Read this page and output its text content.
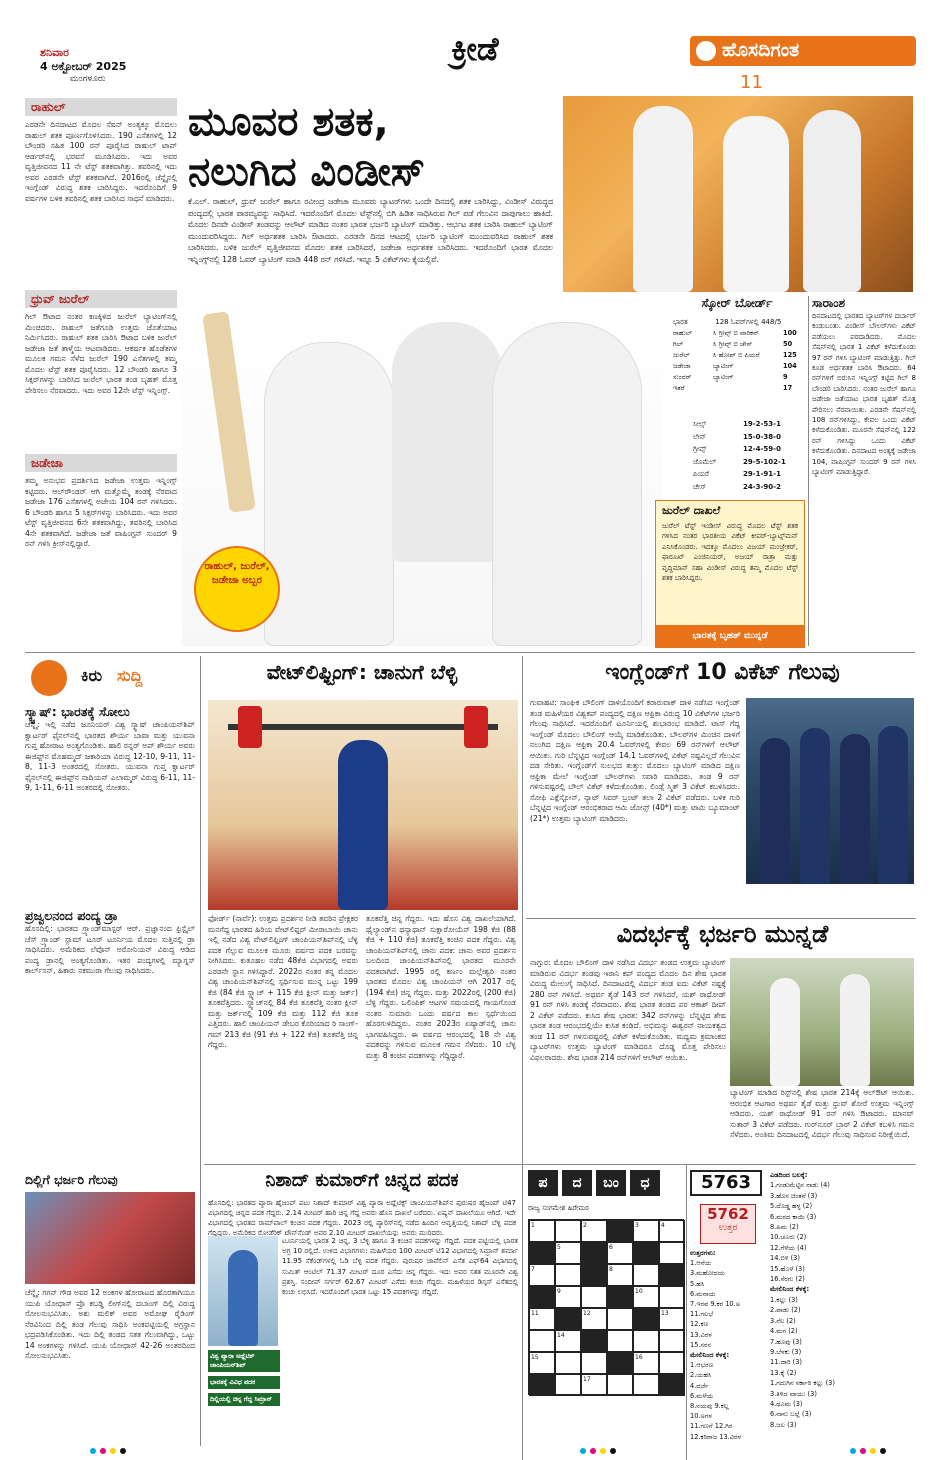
ಶನಿವಾರ
4 ಅಕ್ಟೋಬರ್ 2025
ಮಂಗಳೂರು
ಕ್ರೀಡೆ	ಹೊಸದಿಗಂತ
11
ರಾಹುಲ್
ಎರಡನೇ ದಿನದಾಟದ ಮೊದಲ ಸೆಷನ್ ಅಂತ್ಯಕ್ಕೂ ಮೊದಲು ರಾಹುಲ್ ಶತಕ ಪೂರ್ಣಗೊಳಿಸಿದರು. 190 ಎಸೆತಗಳಲ್ಲಿ 12 ಬೌಂಡರಿ ಸಹಿತ 100 ರನ್ ಪೂರೈಸಿದ ರಾಹುಲ್ ಟಾಪ್ ಆರ್ಡರ್‌ನಲ್ಲಿ ಭರವಸೆ ಮೂಡಿಸಿದರು. ಇದು ಅವರ ವೃತ್ತಿಜೀವನದ 11 ನೇ ಟೆಸ್ಟ್ ಶತಕವಾಗಿತ್ತು. ತವರಿನಲ್ಲಿ ಇದು ಅವರ ಎರಡನೇ ಟೆಸ್ಟ್ ಶತಕವಾಗಿದೆ. 2016ರಲ್ಲಿ ಚೆನ್ನೈನಲ್ಲಿ ಇಂಗ್ಲೆಂಡ್ ವಿರುದ್ಧ ಶತಕ ಬಾರಿಸಿದ್ದರು. ಇದರೊಂದಿಗೆ 9 ವರ್ಷಗಳ ಬಳಿಕ ತವರಿನಲ್ಲಿ ಶತಕ ಬಾರಿಸಿದ ಸಾಧನೆ ಮಾಡಿದರು.
ಧ್ರುವ್ ಜುರೆಲ್
ಗಿಲ್ ಔಟಾದ ನಂತರ ಕಣಕ್ಕಿಳಿದ ಜುರೆಲ್ ಬ್ಯಾಟಿಂಗ್‌ನಲ್ಲಿ ಮಿಂಚಿದರು. ರಾಹುಲ್ ಜತೆಗೂಡಿ ಉತ್ತಮ ಜೊತೆಯಾಟ ನಿರ್ಮಿಸಿದರು. ರಾಹುಲ್ ಶತಕ ಬಾರಿಸಿ ಔಟಾದ ಬಳಿಕ ಜುರೆಲ್ ಜಡೇಜಾ ಜತೆ ತಾಳ್ಮೆಯ ಆಟವಾಡಿದರು. ಆಕರ್ಷಕ ಹೊಡೆತಗಳ ಮೂಲಕ ಗಮನ ಸೆಳೆದ ಜುರೆಲ್ 190 ಎಸೆತಗಳಲ್ಲಿ ತಮ್ಮ ಮೊದಲ ಟೆಸ್ಟ್ ಶತಕ ಪೂರೈಸಿದರು. 12 ಬೌಂಡರಿ ಹಾಗೂ 3 ಸಿಕ್ಸರ್‌ಗಳನ್ನು ಬಾರಿಸಿದ ಜುರೆಲ್ ಭಾರತ ತಂಡ ಬೃಹತ್ ಮೊತ್ತ ಪೇರಿಸಲು ನೆರವಾದರು. ಇದು ಅವರ 12ನೇ ಟೆಸ್ಟ್ ಇನ್ನಿಂಗ್ಸ್.
ಜಡೇಜಾ
ತಮ್ಮ ಅನುಭವ ಪ್ರದರ್ಶಿಸಿದ ಜಡೇಜಾ ಉತ್ತಮ ಇನ್ನಿಂಗ್ಸ್ ಕಟ್ಟಿದರು. ಆಲ್‌ರೌಂಡರ್ ಆಗಿ ಮತ್ತೊಮ್ಮೆ ತಂಡಕ್ಕೆ ನೆರವಾದ ಜಡೇಜಾ 176 ಎಸೆತಗಳಲ್ಲಿ ಅಜೇಯ 104 ರನ್ ಗಳಿಸಿದರು. 6 ಬೌಂಡರಿ ಹಾಗೂ 5 ಸಿಕ್ಸರ್‌ಗಳನ್ನು ಬಾರಿಸಿದರು. ಇದು ಅವರ ಟೆಸ್ಟ್ ವೃತ್ತಿಜೀವನದ 6ನೇ ಶತಕವಾಗಿದ್ದು, ತವರಿನಲ್ಲಿ ಬಾರಿಸಿದ 4ನೇ ಶತಕವಾಗಿದೆ. ಜಡೇಜಾ ಜತೆ ವಾಷಿಂಗ್ಟನ್ ಸುಂದರ್ 9 ರನ್ ಗಳಿಸಿ ಕ್ರೀಸ್‌ನಲ್ಲಿದ್ದಾರೆ.
ಮೂವರ ಶತಕ,
ನಲುಗಿದ ವಿಂಡೀಸ್
ಕೆ.ಎಲ್. ರಾಹುಲ್, ಧ್ರುವ್ ಜುರೆಲ್ ಹಾಗೂ ರವೀಂದ್ರ ಜಡೇಜಾ ಮೂವರು ಬ್ಯಾಟರ್‌ಗಳು ಒಂದೇ ದಿನದಲ್ಲಿ ಶತಕ ಬಾರಿಸಿದ್ದು, ವಿಂಡೀಸ್ ವಿರುದ್ಧದ ಪಂದ್ಯದಲ್ಲಿ ಭಾರತ ಪಾರಮ್ಯವನ್ನು ಸಾಧಿಸಿದೆ. ಇದರೊಂದಿಗೆ ಮೊದಲ ಟೆಸ್ಟ್‌ನಲ್ಲಿ ಬಿಗಿ ಹಿಡಿತ ಸಾಧಿಸಿರುವ ಗಿಲ್ ಪಡೆ ಗೆಲುವಿನ ದಾಪುಗಾಲು ಹಾಕಿದೆ. ಮೊದಲ ದಿನವೇ ವಿಂಡೀಸ್ ತಂಡವನ್ನು ಆಲೌಟ್ ಮಾಡಿದ ನಂತರ ಭಾರತ ಭರ್ಜರಿ ಬ್ಯಾಟಿಂಗ್ ಮಾಡಿತ್ತು. ಆರ್ಭಟ ಶತಕ ಬಾರಿಸಿ ರಾಹುಲ್ ಬ್ಯಾಟಿಂಗ್ ಮುಂದುವರಿಸಿದ್ದರು. ಗಿಲ್ ಅರ್ಧಶತಕ ಬಾರಿಸಿ ಔಟಾದರು. ಎರಡನೇ ದಿನದ ಆಟದಲ್ಲಿ ಭರ್ಜರಿ ಬ್ಯಾಟಿಂಗ್ ಮುಂದುವರಿಸಿದ ರಾಹುಲ್ ಶತಕ ಬಾರಿಸಿದರು. ಬಳಿಕ ಜುರೆಲ್ ವೃತ್ತಿಜೀವನದ ಮೊದಲ ಶತಕ ಬಾರಿಸಿದರೆ, ಜಡೇಜಾ ಅರ್ಧಶತಕ ಬಾರಿಸಿದರು. ಇದರೊಂದಿಗೆ ಭಾರತ ಮೊದಲ ಇನ್ನಿಂಗ್ಸ್‌ನಲ್ಲಿ 128 ಓವರ್ ಬ್ಯಾಟಿಂಗ್ ಮಾಡಿ 448 ರನ್ ಗಳಿಸಿದೆ. ಇನ್ನೂ 5 ವಿಕೆಟ್‌ಗಳು ಕೈಯಲ್ಲಿವೆ.
ರಾಹುಲ್, ಜುರೆಲ್, ಜಡೇಜಾ ಅಬ್ಬರ
ಸ್ಕೋರ್ ಬೋರ್ಡ್
ಭಾರತ	128 ಓವರ್‌ಗಳಲ್ಲಿ 448/5
ರಾಹುಲ್	ಸಿ ಗ್ರೀವ್ಸ್ ಬಿ ವಾರಿಕನ್	100
ಗಿಲ್	ಸಿ ಗ್ರೀವ್ಸ್ ಬಿ ಚೇಸ್	50
ಜುರೆಲ್	ಸಿ ಹೋಪ್ ಬಿ ಪಿಯರೆ	125
ಜಡೇಜಾ	ಬ್ಯಾಟಿಂಗ್	104
ಸುಂದರ್	ಬ್ಯಾಟಿಂಗ್	9
ಇತರೆ	17
ಸೀಲ್ಸ್	19-2-53-1
ಲೇನ್	15-0-38-0
ಗ್ರೀವ್ಸ್	12-4-59-0
ಜೊಮೆಲ್	29-5-102-1
ಪಿಯರೆ	29-1-91-1
ಚೇಸ್	24-3-90-2
ಸಾರಾಂಶ
ದಿನದಾಟದಲ್ಲಿ ಭಾರತದ ಬ್ಯಾಟರ್‌ಗಳ ದರ್ಬಾರ್ ಕಂಡುಬಂತು. ವಿಂಡೀಸ್ ಬೌಲರ್‌ಗಳು ವಿಕೆಟ್ ಪಡೆಯಲು ಪರದಾಡಿದರು. ಮೊದಲ ಸೆಷನ್‌ನಲ್ಲಿ ಭಾರತ 1 ವಿಕೆಟ್ ಕಳೆದುಕೊಂಡು 97 ರನ್ ಗಳಿಸಿ ಬ್ಯಾಟಿಂಗ್ ಮಾಡುತ್ತಿತ್ತು. ಗಿಲ್ ಕೂಡ ಅರ್ಧಶತಕ ಬಾರಿಸಿ ಔಟಾದರು. 64 ರನ್‌ಗಳಿಗೆ ಬಿರುಸಿನ ಇನ್ನಿಂಗ್ಸ್ ಕಟ್ಟಿದ ಗಿಲ್ 8 ಬೌಂಡರಿ ಬಾರಿಸಿದರು. ನಂತರ ಜುರೆಲ್ ಹಾಗೂ ಜಡೇಜಾ ಜತೆಯಾಟ ಭಾರತ ಬೃಹತ್ ಮೊತ್ತ ಪೇರಿಸಲು ನೆರವಾಯಿತು. ಎರಡನೇ ಸೆಷನ್‌ನಲ್ಲಿ 108 ರನ್‌ಗಳಿಸಿದ್ದು, ಕೇವಲ ಒಂದು ವಿಕೆಟ್ ಕಳೆದುಕೊಂಡಿತು. ಮೂರನೇ ಸೆಷನ್‌ನಲ್ಲಿ 122 ರನ್ ಗಳಿಸಿದ್ದು ಒಂದು ವಿಕೆಟ್ ಕಳೆದುಕೊಂಡಿತು. ದಿನದಾಟದ ಅಂತ್ಯಕ್ಕೆ ಜಡೇಜಾ 104, ವಾಷಿಂಗ್ಟನ್ ಸುಂದರ್ 9 ರನ್ ಗಳಿಸಿ ಬ್ಯಾಟಿಂಗ್ ಮಾಡುತ್ತಿದ್ದಾರೆ.
ಜುರೆಲ್ ದಾಖಲೆ
ಜುರೆಲ್ ಟೆಸ್ಟ್ ಇಂಡೀಸ್ ವಿರುದ್ಧ ಮೊದಲ ಟೆಸ್ಟ್ ಶತಕ ಗಳಿಸಿದ ನಂತರ ಭಾರತೀಯ ವಿಕೆಟ್ ಕೀಪರ್-ಬ್ಯಾಟ್ಸ್‌ಮನ್ ಎನಿಸಿಕೊಂಡರು. ಇದಕ್ಕೂ ಮೊದಲು ವಿಜಯ್ ಮಂಜ್ರೇಕರ್, ಫಾರೂಖ್ ಎಂಜಿನಿಯರ್, ಅಜಯ್ ರಾತ್ರಾ ಮತ್ತು ವೃದ್ಧಿಮಾನ್ ಸಹಾ ವಿಂಡೀಸ್ ವಿರುದ್ಧ ತಮ್ಮ ಮೊದಲ ಟೆಸ್ಟ್ ಶತಕ ಬಾರಿಸಿದ್ದರು.
ಭಾರತಕ್ಕೆ ಬೃಹತ್ ಮುನ್ನಡೆ
ಕಿರು ಸುದ್ದಿ
ಸ್ಕ್ವಾಷ್: ಭಾರತಕ್ಕೆ ಸೋಲು
ಚೆನ್ನೈ: ಇಲ್ಲಿ ನಡೆದ ಜೂನಿಯರ್ ವಿಶ್ವ ಸ್ಕ್ವಾಷ್ ಚಾಂಪಿಯನ್‌ಶಿಪ್ ಕ್ವಾರ್ಟರ್ ಫೈನಲ್‌ನಲ್ಲಿ ಭಾರತದ ಶೌರ್ಯ ಬಾವಾ ಮತ್ತು ಯುವನಾ ಗುಪ್ತ ಹೋರಾಟ ಅಂತ್ಯಗೊಂಡಿತು. ಹಾಲಿ ರನ್ನರ್ ಅಪ್ ಶೌರ್ಯ ಅವರು ಈಜಿಪ್ಟ್‌ನ ಮೊಹಮ್ಮದ್ ಜಕಾರಿಯಾ ವಿರುದ್ಧ 12-10, 9-11, 11-8, 11-3 ಅಂತರದಲ್ಲಿ ಸೋತರು. ಯುವನಾ ಗುಪ್ತ ಕ್ವಾರ್ಟರ್ ಫೈನಲ್‌ನಲ್ಲಿ ಈಜಿಪ್ಟ್‌ನ ನಾದಿಯನ್ ಎಲಾಮ್ಮರ್ ವಿರುದ್ಧ 6-11, 11-9, 1-11, 6-11 ಅಂತರದಲ್ಲಿ ಸೋತರು.
ಪ್ರಜ್ವಲನಂದ ಪಂದ್ಯ ಡ್ರಾ
ಹೊಸದಿಲ್ಲಿ: ಭಾರತದ ಗ್ರ್ಯಾಂಡ್‌ಮಾಸ್ಟರ್ ಆರ್. ಪ್ರಜ್ಞಾನಂದ ಫ್ರಿಸ್ಟೈಲ್ ಚೆಸ್ ಗ್ರ್ಯಾಂಡ್ ಸ್ಲಾಮ್ ಟೂರ್ ಟೂರ್ನಿಯ ಮೊದಲ ಸುತ್ತಿನಲ್ಲಿ ಡ್ರಾ ಸಾಧಿಸಿದರು. ಅಮೆರಿಕದ ಲೆವೊನ್ ಅರೋನಿಯನ್ ವಿರುದ್ಧ ಆಡಿದ ಪಂದ್ಯ ಡ್ರಾನಲ್ಲಿ ಅಂತ್ಯಗೊಂಡಿತು. ಇತರ ಪಂದ್ಯಗಳಲ್ಲಿ ಮ್ಯಾಗ್ನಸ್ ಕಾರ್ಲ್‌ಸನ್, ಹಿಕಾರು ನಕಮುರಾ ಗೆಲುವು ಸಾಧಿಸಿದರು.
ದಿಲ್ಲಿಗೆ ಭರ್ಜರಿ ಗೆಲುವು
ಚೆನ್ನೈ: ಗಗನ್ ಗೌಡ ಅವರ 12 ಅಂಕಗಳ ಹೋರಾಟದ ಹೊರತಾಗಿಯೂ ಯುಪಿ ಯೋಧಾಸ್ ಪ್ರೊ ಕಬಡ್ಡಿ ಲೀಗ್‌ನಲ್ಲಿ ದಬಾಂಗ್ ದಿಲ್ಲಿ ವಿರುದ್ಧ ಸೋಲನುಭವಿಸಿತು. ಅಶು ಮಲಿಕ್ ಅವರ ಅಮೋಘ ರೈಡಿಂಗ್ ನೆರವಿನಿಂದ ದಿಲ್ಲಿ ತಂಡ ಗೆಲುವು ಸಾಧಿಸಿ ಅಂಕಪಟ್ಟಿಯಲ್ಲಿ ಅಗ್ರಸ್ಥಾನ ಭದ್ರಪಡಿಸಿಕೊಂಡಿತು. ಇದು ದಿಲ್ಲಿ ತಂಡದ ಸತತ ಗೆಲುವಾಗಿದ್ದು, ಒಟ್ಟು 14 ಅಂಕಗಳನ್ನು ಗಳಿಸಿದೆ. ಯುಪಿ ಯೋಧಾಸ್ 42-26 ಅಂತರದಿಂದ ಸೋಲನುಭವಿಸಿತು.
ವೇಟ್‌ಲಿಫ್ಟಿಂಗ್: ಚಾನುಗೆ ಬೆಳ್ಳಿ
ಫೋರ್ಡ್ (ನಾರ್ವೆ): ಉತ್ತಮ ಪ್ರದರ್ಶನ ನೀಡಿ ತವರಿನ ಪ್ರೇಕ್ಷಕರ ಮನಗೆದ್ದ ಭಾರತದ ಹಿರಿಯ ವೇಟ್‌ಲಿಫ್ಟರ್ ಮೀರಾಬಾಯಿ ಚಾನು ಇಲ್ಲಿ ನಡೆದ ವಿಶ್ವ ವೇಟ್‌ಲಿಫ್ಟಿಂಗ್ ಚಾಂಪಿಯನ್‌ಶಿಪ್‌ನಲ್ಲಿ ಬೆಳ್ಳಿ ಪದಕ ಗೆಲ್ಲುವ ಮೂಲಕ ಮೂರು ವರ್ಷದ ಪದಕ ಬರವನ್ನು ನೀಗಿಸಿದರು. ಕುತೂಹಲ ನಡೆದ 48ಕೆಜಿ ವಿಭಾಗದಲ್ಲಿ ಅವರು ಎರಡನೇ ಸ್ಥಾನ ಗಳಿಸಿದ್ದಾರೆ. 2022ರ ನಂತರ ತನ್ನ ಮೊದಲ ವಿಶ್ವ ಚಾಂಪಿಯನ್‌ಶಿಪ್‌ನಲ್ಲಿ ಸ್ಪರ್ಧಿಸುವ ಮುನ್ನ ಒಟ್ಟು 199 ಕೆಜಿ (84 ಕೆಜಿ ಸ್ನ್ಯಾಚ್ + 115 ಕೆಜಿ ಕ್ಲೀನ್ ಮತ್ತು ಜರ್ಕ್) ತೂಕವೆತ್ತಿದರು. ಸ್ನ್ಯಾಚ್‌ನಲ್ಲಿ 84 ಕೆಜಿ ತೂಕವೆತ್ತಿ ನಂತರ ಕ್ಲೀನ್ ಮತ್ತು ಜರ್ಕ್‌ನಲ್ಲಿ 109 ಕೆಜಿ ಮತ್ತು 112 ಕೆಜಿ ತೂಕ ಎತ್ತಿದರು. ಹಾಲಿ ಚಾಂಪಿಯನ್ ಡೇಬರ ಕೊರಿಯಾದ ರಿ ಸಾಂಗ್-ಗಮ್ 213 ಕೆಜಿ (91 ಕೆಜಿ + 122 ಕೆಜಿ) ತೂಕವೆತ್ತಿ ಚಿನ್ನ ಗೆದ್ದರು.
ತೂಕವೆತ್ತಿ ಚಿನ್ನ ಗೆದ್ದರು. ಇದು ಹೊಸ ವಿಶ್ವ ದಾಖಲೆಯಾಗಿದೆ. ಥೈಲ್ಯಾಂಡ್‌ನ ಥನ್ಯಾಥಾನ್ ಸುಕ್ಷಾರೋಯೆನ್ 198 ಕೆಜಿ (88 ಕೆಜಿ + 110 ಕೆಜಿ) ತೂಕವೆತ್ತಿ ಕಂಚಿನ ಪದಕ ಗೆದ್ದರು. ವಿಶ್ವ ಚಾಂಪಿಯನ್‌ಶಿಪ್‌ನಲ್ಲಿ ಚಾನು ಪದಕ: ಚಾನು ಅವರ ಪ್ರದರ್ಶನ ಬಲದಿಂದ ಚಾಂಪಿಯನ್‌ಶಿಪ್‌ನಲ್ಲಿ ಭಾರತದ ಮೂರನೇ ಪದಕವಾಗಿದೆ. 1995 ರಲ್ಲಿ ಕರ್ಣಂ ಮಲ್ಲೇಶ್ವರಿ ನಂತರ ಭಾರತದ ಮೊದಲ ವಿಶ್ವ ಚಾಂಪಿಯನ್ ಆಗಿ 2017 ರಲ್ಲಿ (194 ಕೆಜಿ) ಚಿನ್ನ ಗೆದ್ದರು. ಮತ್ತು 2022ರಲ್ಲಿ (200 ಕೆಜಿ) ಬೆಳ್ಳಿ ಗೆದ್ದರು. ಒಲಿಂಪಿಕ್ ಆಟಗಳ ಸಮಯದಲ್ಲಿ ಗಾಯಗೊಂಡ ನಂತರ ಸುಮಾರು ಒಂದು ವರ್ಷದ ಕಾಲ ಸ್ಪರ್ಧೆಯಿಂದ ಹೊರಗುಳಿದಿದ್ದರು. ನಂತರ 2023ರ ಏಷ್ಯಾಡ್‌ನಲ್ಲಿ ಚಾನು ಭಾಗವಹಿಸಿದ್ದರು. ಈ ವರ್ಷದ ಆರಂಭದಲ್ಲಿ 18 ನೇ ವಿಶ್ವ ಪದಕವನ್ನು ಗಳಿಸುವ ಮೂಲಕ ಗಮನ ಸೆಳೆದರು. 10 ಬೆಳ್ಳಿ ಮತ್ತು 8 ಕಂಚಿನ ಪದಕಗಳನ್ನು ಗೆದ್ದಿದ್ದಾರೆ.
ಇಂಗ್ಲೆಂಡ್‌ಗೆ 10 ವಿಕೆಟ್ ಗೆಲುವು
ಗುವಾಹಟಿ: ಸಾಂಘಿಕ ಬೌಲಿಂಗ್ ದಾಳಿಯೊಂದಿಗೆ ಕರಾರುವಾಕ್ ದಾಳಿ ನಡೆಸಿದ ಇಂಗ್ಲೆಂಡ್ ತಂಡ ಮಹಿಳೆಯರ ವಿಶ್ವಕಪ್ ಪಂದ್ಯದಲ್ಲಿ ದಕ್ಷಿಣ ಆಫ್ರಿಕಾ ವಿರುದ್ಧ 10 ವಿಕೆಟ್‌ಗಳ ಭರ್ಜರಿ ಗೆಲುವು ಸಾಧಿಸಿದೆ. ಇದರೊಂದಿಗೆ ಟೂರ್ನಿಯಲ್ಲಿ ಶುಭಾರಂಭ ಮಾಡಿದೆ. ಟಾಸ್ ಗೆದ್ದ ಇಂಗ್ಲೆಂಡ್ ಮೊದಲು ಬೌಲಿಂಗ್ ಆಯ್ಕೆ ಮಾಡಿಕೊಂಡಿತು. ಬೌಲರ್‌ಗಳ ಮಿಂಚಿನ ದಾಳಿಗೆ ನಲುಗಿದ ದಕ್ಷಿಣ ಆಫ್ರಿಕಾ 20.4 ಓವರ್‌ಗಳಲ್ಲಿ ಕೇವಲ 69 ರನ್‌ಗಳಿಗೆ ಆಲೌಟ್ ಆಯಿತು. ಗುರಿ ಬೆನ್ನಟ್ಟಿದ ಇಂಗ್ಲೆಂಡ್ 14.1 ಓವರ್‌ಗಳಲ್ಲಿ ವಿಕೆಟ್ ನಷ್ಟವಿಲ್ಲದೆ ಗೆಲುವಿನ ದಡ ಸೇರಿತು. ಇಂಗ್ಲೆಂಡ್‌ಗೆ ಸುಲಭದ ತುತ್ತು: ಮೊದಲು ಬ್ಯಾಟಿಂಗ್ ಮಾಡಿದ ದಕ್ಷಿಣ ಆಫ್ರಿಕಾ ಮೇಲೆ ಇಂಗ್ಲೆಂಡ್ ಬೌಲರ್‌ಗಳು ಸವಾರಿ ಮಾಡಿದರು. ತಂಡ 9 ರನ್ ಗಳಿಸುವಷ್ಟರಲ್ಲಿ ಬೌಲ್ ವಿಕೆಟ್ ಕಳೆದುಕೊಂಡಿತು. ಲಿಂಡ್ಸೆ ಸ್ಮಿತ್ 3 ವಿಕೆಟ್ ಕಬಳಿಸಿದರು. ಸೋಫಿ ಎಕ್ಲೆಸ್ಟೋನ್, ನ್ಯಾಟ್ ಸಿವರ್ ಬ್ರಂಟ್ ತಲಾ 2 ವಿಕೆಟ್ ಪಡೆದರು. ಬಳಿಕ ಗುರಿ ಬೆನ್ನಟ್ಟಿದ ಇಂಗ್ಲೆಂಡ್ ಆರಂಭಿಕರಾದ ಆಮಿ ಜೋನ್ಸ್ (40*) ಮತ್ತು ಟಾಮಿ ಬ್ಯೂಮಾಂಟ್ (21*) ಉತ್ತಮ ಬ್ಯಾಟಿಂಗ್ ಮಾಡಿದರು.
ವಿದರ್ಭಕ್ಕೆ ಭರ್ಜರಿ ಮುನ್ನಡೆ
ನಾಗ್ಪುರ: ಮೊದಲ ಬೌಲಿಂಗ್ ದಾಳಿ ನಡೆಸಿದ ವಿದರ್ಭ ತಂಡದ ಉತ್ತಮ ಬ್ಯಾಟಿಂಗ್ ಮಾಡಿರುವ ವಿದರ್ಭ ತಂಡವು ಇರಾನಿ ಕಪ್ ಪಂದ್ಯದ ಮೊದಲ ದಿನ ಶೇಷ ಭಾರತ ವಿರುದ್ಧ ಮೇಲುಗೈ ಸಾಧಿಸಿದೆ. ದಿನದಾಟದಲ್ಲಿ ವಿದರ್ಭ ತಂಡ ಐದು ವಿಕೆಟ್ ನಷ್ಟಕ್ಕೆ 280 ರನ್ ಗಳಿಸಿದೆ. ಅಥರ್ವ ತೈಡೆ 143 ರನ್ ಗಳಿಸಿದರೆ, ಯಶ್ ರಾಥೋಡ್ 91 ರನ್ ಗಳಿಸಿ ತಂಡಕ್ಕೆ ನೆರವಾದರು. ಶೇಷ ಭಾರತ ತಂಡದ ಪರ ಆಕಾಶ್ ದೀಪ್ 2 ವಿಕೆಟ್ ಪಡೆದರು. ಕುಸಿದ ಶೇಷ ಭಾರತ: 342 ರನ್‌ಗಳನ್ನು ಬೆನ್ನಟ್ಟಿದ ಶೇಷ ಭಾರತ ತಂಡ ಆರಂಭದಲ್ಲಿಯೇ ಕುಸಿತ ಕಂಡಿದೆ. ಅಭಿಮನ್ಯು ಈಶ್ವರನ್ ನಾಯಕತ್ವದ ತಂಡ 11 ರನ್ ಗಳಿಸುವಷ್ಟರಲ್ಲಿ ವಿಕೆಟ್ ಕಳೆದುಕೊಂಡಿತು. ಮಧ್ಯಮ ಕ್ರಮಾಂಕದ ಬ್ಯಾಟರ್‌ಗಳು ಉತ್ತಮ ಬ್ಯಾಟಿಂಗ್ ಮಾಡಿದರೂ ದೊಡ್ಡ ಮೊತ್ತ ಪೇರಿಸಲು ವಿಫಲರಾದರು. ಶೇಷ ಭಾರತ 214 ರನ್‌ಗಳಿಗೆ ಆಲೌಟ್ ಆಯಿತು.
ಬ್ಯಾಟಿಂಗ್ ಮಾಡಿದ ರಿಸ್ಟ್‌ನಲ್ಲಿ ಶೇಷ ಭಾರತ 214ಕ್ಕೆ ಆಲ್‌ಔಟ್ ಆಯಿತು. ಆರಂಭಿಕ ಆಟಗಾರ ಅಥರ್ವ ತೈಡೆ ಮತ್ತು ಧ್ರುವ್ ಶೋರೆ ಉತ್ತಮ ಇನ್ನಿಂಗ್ಸ್ ಆಡಿದರು. ಯಶ್ ರಾಥೋಡ್ 91 ರನ್ ಗಳಿಸಿ ಔಟಾದರು. ಮಾನವ್ ಸುತಾರ್ 3 ವಿಕೆಟ್ ಪಡೆದರು. ಗುರ್‌ನೂರ್ ಬ್ರಾರ್ 2 ವಿಕೆಟ್ ಕಬಳಿಸಿ ಗಮನ ಸೆಳೆದರು. ಅಂತಿಮ ದಿನದಾಟದಲ್ಲಿ ವಿದರ್ಭ ಗೆಲುವು ಸಾಧಿಸುವ ನಿರೀಕ್ಷೆಯಿದೆ.
ನಿಶಾದ್ ಕುಮಾರ್‌ಗೆ ಚಿನ್ನದ ಪದಕ
ಹೊಸದಿಲ್ಲಿ: ಭಾರತದ ಪ್ಯಾರಾ ಹೈಜಂಪ್ ಪಟು ನಿಶಾದ್ ಕುಮಾರ್ ವಿಶ್ವ ಪ್ಯಾರಾ ಅಥ್ಲೆಟಿಕ್ಸ್ ಚಾಂಪಿಯನ್‌ಶಿಪ್‌ನ ಪುರುಷರ ಹೈಜಂಪ್ ಟಿ47 ವಿಭಾಗದಲ್ಲಿ ಚಿನ್ನದ ಪದಕ ಗೆದ್ದರು. 2.14 ಮೀಟರ್ ಹಾರಿ ಚಿನ್ನ ಗೆದ್ದ ಅವರು ಹೊಸ ದಾಖಲೆ ಬರೆದರು. ಏಷ್ಯನ್ ದಾಖಲೆಯೂ ಆಗಿದೆ. ಇದೇ ವಿಭಾಗದಲ್ಲಿ ಭಾರತದ ರಾಮ್‌ಪಾಲ್ ಕಂಚಿನ ಪದಕ ಗೆದ್ದರು. 2023 ರಲ್ಲಿ ಪ್ಯಾರಿಸ್‌ನಲ್ಲಿ ನಡೆದ ಹಿಂದಿನ ಆವೃತ್ತಿಯಲ್ಲಿ ನಿಶಾದ್ ಬೆಳ್ಳಿ ಪದಕ ಗೆದ್ದಿದ್ದರು. ಅಮೆರಿಕದ ರೋಡೆರಿಕ್ ಟೌನ್‌ಸೆಂಡ್ ಅವರ 2.10 ಮೀಟರ್ ದಾಖಲೆಯನ್ನು ಅವರು ಮುರಿದರು.
ಟೂರ್ನಿಯಲ್ಲಿ ಭಾರತ 2 ಚಿನ್ನ, 3 ಬೆಳ್ಳಿ ಹಾಗೂ 3 ಕಂಚಿನ ಪದಕಗಳನ್ನು ಗೆದ್ದಿದೆ. ಪದಕ ಪಟ್ಟಿಯಲ್ಲಿ ಭಾರತ ಅಗ್ರ 10 ರಲ್ಲಿದೆ. ಉಳಿದ ವಿಭಾಗಗಳು: ಮಹಿಳೆಯರ 100 ಮೀಟರ್ ಟಿ12 ವಿಭಾಗದಲ್ಲಿ ಸಿಮ್ರಾನ್ ಶರ್ಮಾ 11.95 ಸೆಕೆಂಡ್‌ಗಳಲ್ಲಿ ಓಡಿ ಬೆಳ್ಳಿ ಪದಕ ಗೆದ್ದರು. ಪುರುಷರ ಜಾವೆಲಿನ್ ಎಸೆತ ಎಫ್64 ವಿಭಾಗದಲ್ಲಿ ಸುಮಿತ್ ಆಂಟಿಲ್ 71.37 ಮೀಟರ್ ದೂರ ಎಸೆದು ಚಿನ್ನ ಗೆದ್ದರು. ಇದು ಅವರ ಸತತ ಮೂರನೇ ವಿಶ್ವ ಪ್ರಶಸ್ತಿ. ಸಂದೀಪ್ ಸರ್ಗರ್ 62.67 ಮೀಟರ್ ಎಸೆದು ಕಂಚು ಗೆದ್ದರು. ಮಹಿಳೆಯರ ಡಿಸ್ಕಸ್ ಎಸೆತದಲ್ಲಿ ಕಂಚು ಲಭಿಸಿದೆ. ಇದರೊಂದಿಗೆ ಭಾರತ ಒಟ್ಟು 15 ಪದಕಗಳನ್ನು ಗೆದ್ದಿದೆ.
ವಿಶ್ವ ಪ್ಯಾರಾ ಅಥ್ಲೆಟಿಕ್ ಚಾಂಪಿಯನ್‌ಶಿಪ್
ಭಾರತಕ್ಕೆ ವಿವಿಧ ಪದಕ
ದಿಲ್ಲಿಯಲ್ಲಿ ಚಿನ್ನ ಗೆದ್ದ ಸಿಮ್ರಾನ್
ಪ ದ ಬಂ ಧ
ರಾಜ್ಯ ಸಂಗಮೇಶ ಹಿರೇಮಠ
1	2	3	4
5	6
7	8
9	10
11	12	13
14
15	16
17
5763
5762
ಉತ್ತರ
ಉತ್ತರಗಳು:
1.ಆನೆಯ
3.ಮಹೋದಯ
5.ಹಸಿ
6.ಮನಾಯ
7.ಇರವ 9.ಕರ 10.ಅ
11.ಗಲಭೆ
12.ಕಣ
13.ವಿರಳ
15.ಸರಸ
ಮೇಲಿನಿಂದ ಕೆಳಕ್ಕೆ:
1.ಆಭರಣ
2.ಯಹಸಿ
4.ದರ್ಜೆ
6.ಮಳೆಯ
8.ನಯವು 9.ಕಲ್ಲ
10.ಅಗಳ
11.ಗಣನೆ 12.ಗಿರ
12.ಕರಿರಾಜ 13.ವಿರಳ
ಎಡದಿಂದ ಬಲಕ್ಕೆ:
1.ಗಂಡುಮೆಟ್ಟಿನ ನಾಡು (4)
3.ಹೊಸ ಚಿಂತನೆ (3)
5.ದೊಡ್ಡ ಹಳ್ಳ (2)
6.ಮರದ ಕಾಯಿ (3)
8.ಹಿಮ (2)
10.ಚೂರು (2)
12.ಗೆಳೆಯ (4)
14.ಬಿಳಿ (3)
15.ಹೊಳೆ (3)
16.ಸೆರಗು (2)
ಮೇಲಿನಿಂದ ಕೆಳಕ್ಕೆ:
1.ಕಲ್ಲು (3)
2.ಪಾಡು (2)
3.ನೆಲ (2)
4.ಮಗ (2)
7.ಹೂವು (3)
9.ಬೆಳಕು (3)
11.ದಾರಿ (3)
13.ಕೈ (2)
1.ಗದುಗಿನ ಸರ್ಕಾರಿ ಕಲ್ಲು (3)
3.ತಿಳಿದ ವಾಯು (3)
4.ಧೂಮ (3)
6.ನಾನು ಬಲ್ಲೆ (3)
8.ಜಲ (3)
